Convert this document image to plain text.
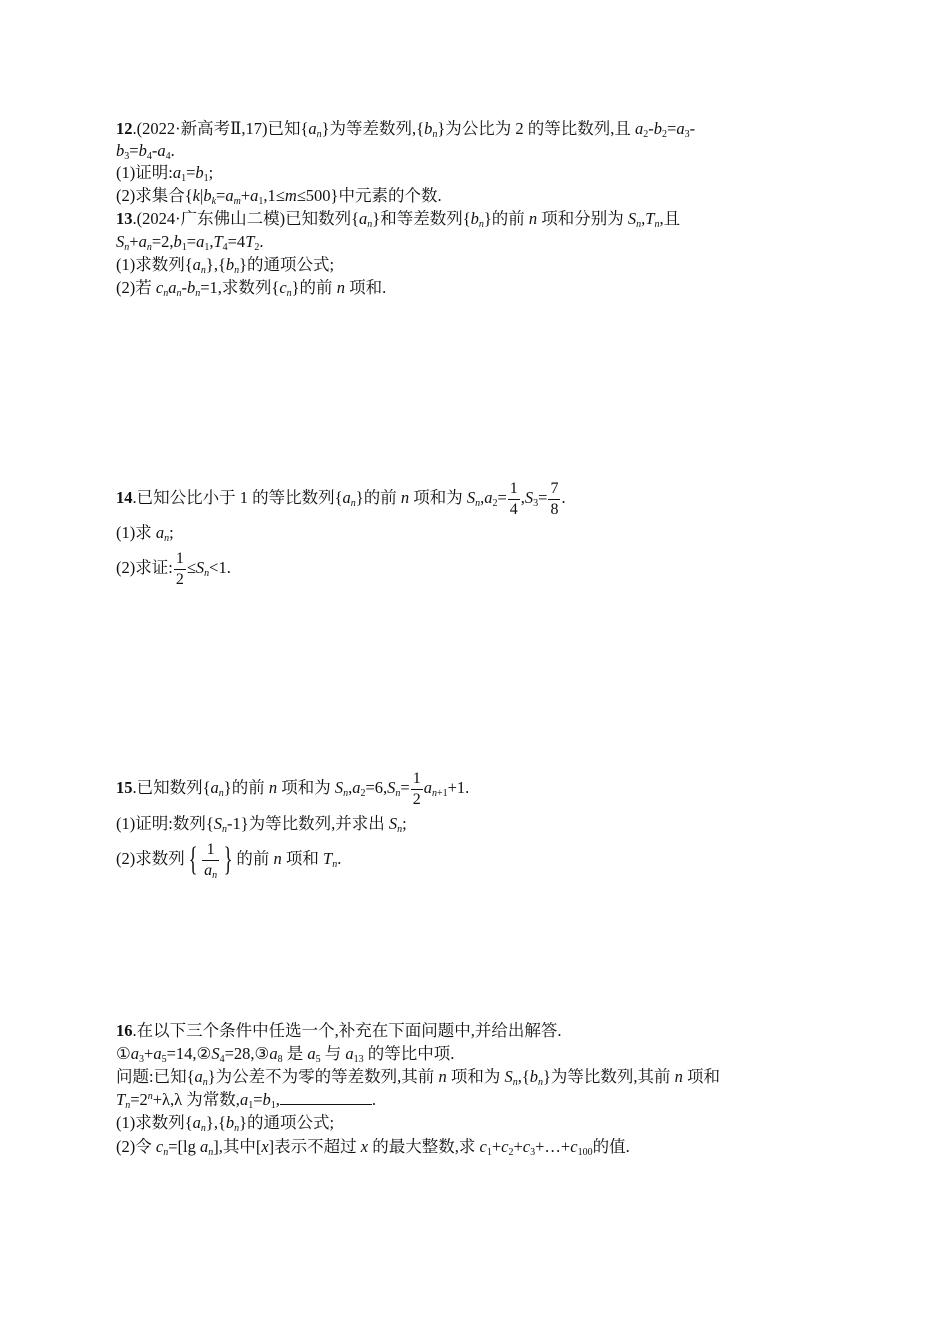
12.(2022·新高考Ⅱ,17)已知$\{a_n\}$为等差数列$,\{b_n\}$为公比为 2 的等比数列,且 $a_2-b_2=a_3-$
$b_3=b_4-a_4$.
(1)证明$:a_1=b_1$;
(2)求集合$\{k|b_k=a_m+a_1,1\le m\le 500\}$中元素的个数.
13.(2024·广东佛山二模)已知数列$\{a_n\}$和等差数列$\{b_n\}$的前 n 项和分别为 $S_n,T_n$,且
$S_n+a_n=2,b_1=a_1,T_4=4T_2$.
(1)求数列$\{a_n\},\{b_n\}$的通项公式;
(2)若 $c_na_n-b_n=1$,求数列$\{c_n\}$的前 n 项和.
14.已知公比小于 1 的等比数列$\{a_n\}$的前 n 项和为 $S_n,a_2= \frac{1}{4} ,S_3= \frac{7}{8}$ .
(1)求 $a_n$;
(2)求证: $\frac{1}{2} \le S_n<1$.
15.已知数列$\{a_n\}$的前 n 项和为 $S_n,a_2=6,S_n= \frac{1}{2} a_{n+1}+1$.
(1)证明:数列$\{S_n-1\}$为等比数列,并求出 $S_n$;
(2)求数列 { $\frac{1}{a_n}$ } 的前 n 项和 $T_n$.
16.在以下三个条件中任选一个,补充在下面问题中,并给出解答.
$①a_3+a_5=14,②S_4=28,③a_8$ 是 $a_5$ 与 $a_{13}$ 的等比中项.
问题:已知$\{a_n\}$为公差不为零的等差数列,其前 n 项和为 $S_n,\{b_n\}$为等比数列,其前 n 项和
$T_n=2^n+\lambda,\lambda$ 为常数$,a_1=b_1$,	.
(1)求数列$\{a_n\},\{b_n\}$的通项公式;
(2)令 $c_n=[\lg$ $a_n$],其中[x]表示不超过 x 的最大整数,求 $c_1+c_2+c_3+\dots+c_{100}$的值.
